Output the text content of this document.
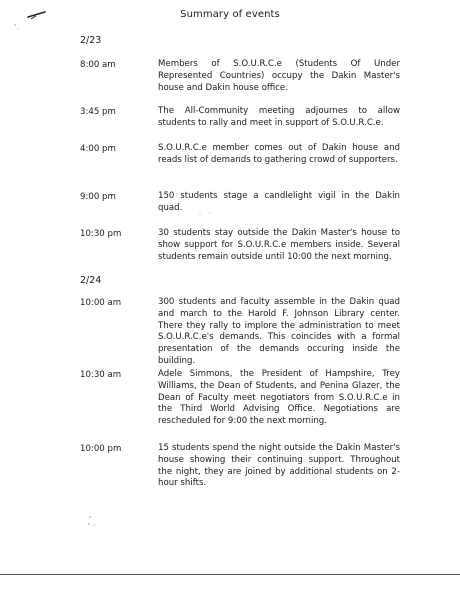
Summary of events
2/23
8:00 am	Members of S.O.U.R.C.e (Students Of Under Represented Countries) occupy the Dakin Master's house and Dakin house office.
3:45 pm	The All-Community meeting adjournes to allow students to rally and meet in support of S.O.U.R.C.e.
4:00 pm	S.O.U.R.C.e member comes out of Dakin house and reads list of demands to gathering crowd of supporters.
9:00 pm	150 students stage a candlelight vigil in the Dakin quad.
10:30 pm	30 students stay outside the Dakin Master's house to show support for S.O.U.R.C.e members inside. Several students remain outside until 10:00 the next morning.
2/24
10:00 am	300 students and faculty assemble in the Dakin quad and march to the Harold F. Johnson Library center. There they rally to implore the administration to meet S.O.U.R.C.e's demands. This coincides with a formal presentation of the demands occuring inside the building.
10:30 am	Adele Simmons, the President of Hampshire, Trey Williams, the Dean of Students, and Penina Glazer, the Dean of Faculty meet negotiators from S.O.U.R.C.e in the Third World Advising Office. Negotiations are rescheduled for 9:00 the next morning.
10:00 pm	15 students spend the night outside the Dakin Master's house showing their continuing support. Throughout the night, they are joined by additional students on 2-hour shifts.
